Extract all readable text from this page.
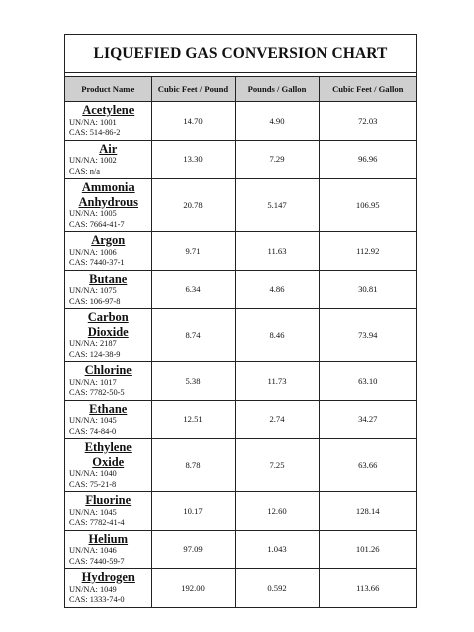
LIQUEFIED GAS CONVERSION CHART
Product Name	Cubic Feet / Pound	Pounds / Gallon	Cubic Feet / Gallon

Acetylene
UN/NA: 1001
CAS: 514-86-2	14.70	4.90	72.03

Air
UN/NA: 1002
CAS: n/a	13.30	7.29	96.96

Ammonia Anhydrous
UN/NA: 1005
CAS: 7664-41-7	20.78	5.147	106.95

Argon
UN/NA: 1006
CAS: 7440-37-1	9.71	11.63	112.92

Butane
UN/NA: 1075
CAS: 106-97-8	6.34	4.86	30.81

Carbon Dioxide
UN/NA: 2187
CAS: 124-38-9	8.74	8.46	73.94

Chlorine
UN/NA: 1017
CAS: 7782-50-5	5.38	11.73	63.10

Ethane
UN/NA: 1045
CAS: 74-84-0	12.51	2.74	34.27

Ethylene Oxide
UN/NA: 1040
CAS: 75-21-8	8.78	7.25	63.66

Fluorine
UN/NA: 1045
CAS: 7782-41-4	10.17	12.60	128.14

Helium
UN/NA: 1046
CAS: 7440-59-7	97.09	1.043	101.26

Hydrogen
UN/NA: 1049
CAS: 1333-74-0	192.00	0.592	113.66
